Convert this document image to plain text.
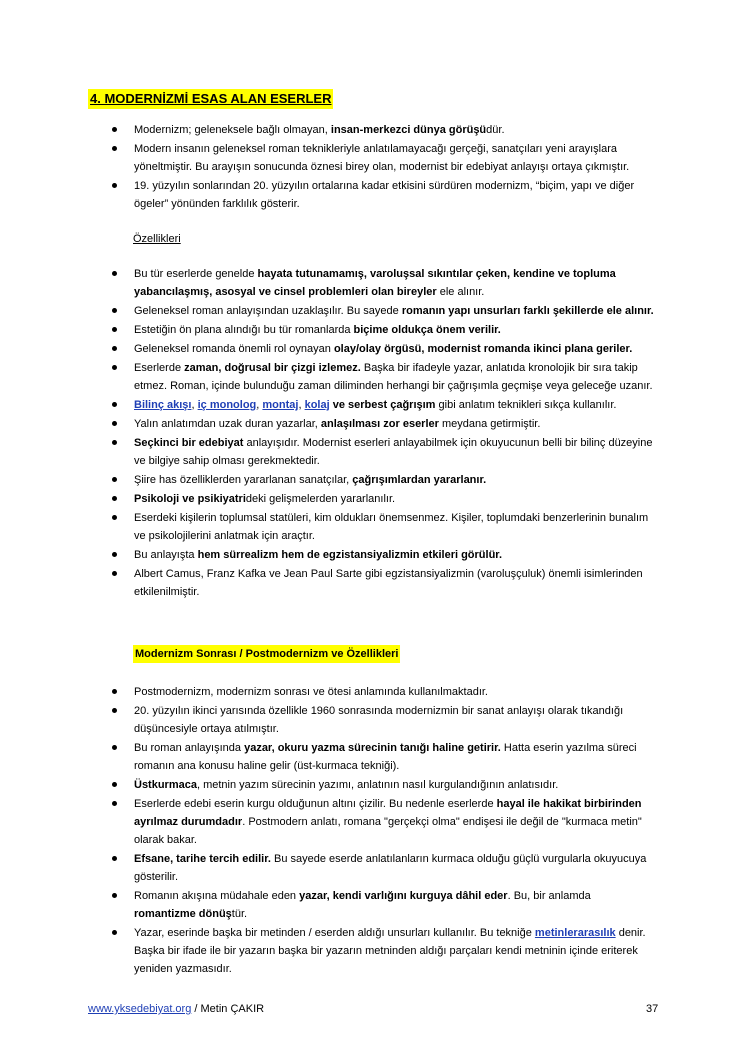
4. MODERNİZMİ ESAS ALAN ESERLER
Modernizm; geleneksele bağlı olmayan, insan-merkezci dünya görüşüdür.
Modern insanın geleneksel roman teknikleriyle anlatılamayacağı gerçeği, sanatçıları yeni arayışlara yöneltmiştir. Bu arayışın sonucunda öznesi birey olan, modernist bir edebiyat anlayışı ortaya çıkmıştır.
19. yüzyılın sonlarından 20. yüzyılın ortalarına kadar etkisini sürdüren modernizm, “biçim, yapı ve diğer ögeler” yönünden farklılık gösterir.
Özellikleri
Bu tür eserlerde genelde hayata tutunamamış, varoluşsal sıkıntılar çeken, kendine ve topluma yabancılaşmış, asosyal ve cinsel problemleri olan bireyler ele alınır.
Geleneksel roman anlayışından uzaklaşılır. Bu sayede romanın yapı unsurları farklı şekillerde ele alınır.
Estetiğin ön plana alındığı bu tür romanlarda biçime oldukça önem verilir.
Geleneksel romanda önemli rol oynayan olay/olay örgüsü, modernist romanda ikinci plana geriler.
Eserlerde zaman, doğrusal bir çizgi izlemez. Başka bir ifadeyle yazar, anlatıda kronolojik bir sıra takip etmez. Roman, içinde bulunduğu zaman diliminden herhangi bir çağrışımla geçmişe veya geleceğe uzanır.
Bilinç akışı, iç monolog, montaj, kolaj ve serbest çağrışım gibi anlatım teknikleri sıkça kullanılır.
Yalın anlatımdan uzak duran yazarlar, anlaşılması zor eserler meydana getirmiştir.
Seçkinci bir edebiyat anlayışıdır. Modernist eserleri anlayabilmek için okuyucunun belli bir bilinç düzeyine ve bilgiye sahip olması gerekmektedir.
Şiire has özelliklerden yararlanan sanatçılar, çağrışımlardan yararlanır.
Psikoloji ve psikiyatrideki gelişmelerden yararlanılır.
Eserdeki kişilerin toplumsal statüleri, kim oldukları önemsenmez. Kişiler, toplumdaki benzerlerinin bunalım ve psikolojilerini anlatmak için araçtır.
Bu anlayışta hem sürrealizm hem de egzistansiyalizmin etkileri görülür.
Albert Camus, Franz Kafka ve Jean Paul Sarte gibi egzistansiyalizmin (varoluşçuluk) önemli isimlerinden etkilenilmiştir.
Modernizm Sonrası / Postmodernizm ve Özellikleri
Postmodernizm, modernizm sonrası ve ötesi anlamında kullanılmaktadır.
20. yüzyılın ikinci yarısında özellikle 1960 sonrasında modernizmin bir sanat anlayışı olarak tıkandığı düşüncesiyle ortaya atılmıştır.
Bu roman anlayışında yazar, okuru yazma sürecinin tanığı haline getirir. Hatta eserin yazılma süreci romanın ana konusu haline gelir (üst-kurmaca tekniği).
Üstkurmaca, metnin yazım sürecinin yazımı, anlatının nasıl kurgulandığının anlatısıdır.
Eserlerde edebi eserin kurgu olduğunun altını çizilir. Bu nedenle eserlerde hayal ile hakikat birbirinden ayrılmaz durumdadır. Postmodern anlatı, romana "gerçekçi olma" endişesi ile değil de "kurmaca metin" olarak bakar.
Efsane, tarihe tercih edilir. Bu sayede eserde anlatılanların kurmaca olduğu güçlü vurgularla okuyucuya gösterilir.
Romanın akışına müdahale eden yazar, kendi varlığını kurguya dâhil eder. Bu, bir anlamda romantizme dönüştür.
Yazar, eserinde başka bir metinden / eserden aldığı unsurları kullanılır. Bu tekniğe metinlerarasılık denir. Başka bir ifade ile bir yazarın başka bir yazarın metninden aldığı parçaları kendi metninin içinde eriterek yeniden yazmasıdır.
www.yksedebiyat.org / Metin ÇAKIR	37
